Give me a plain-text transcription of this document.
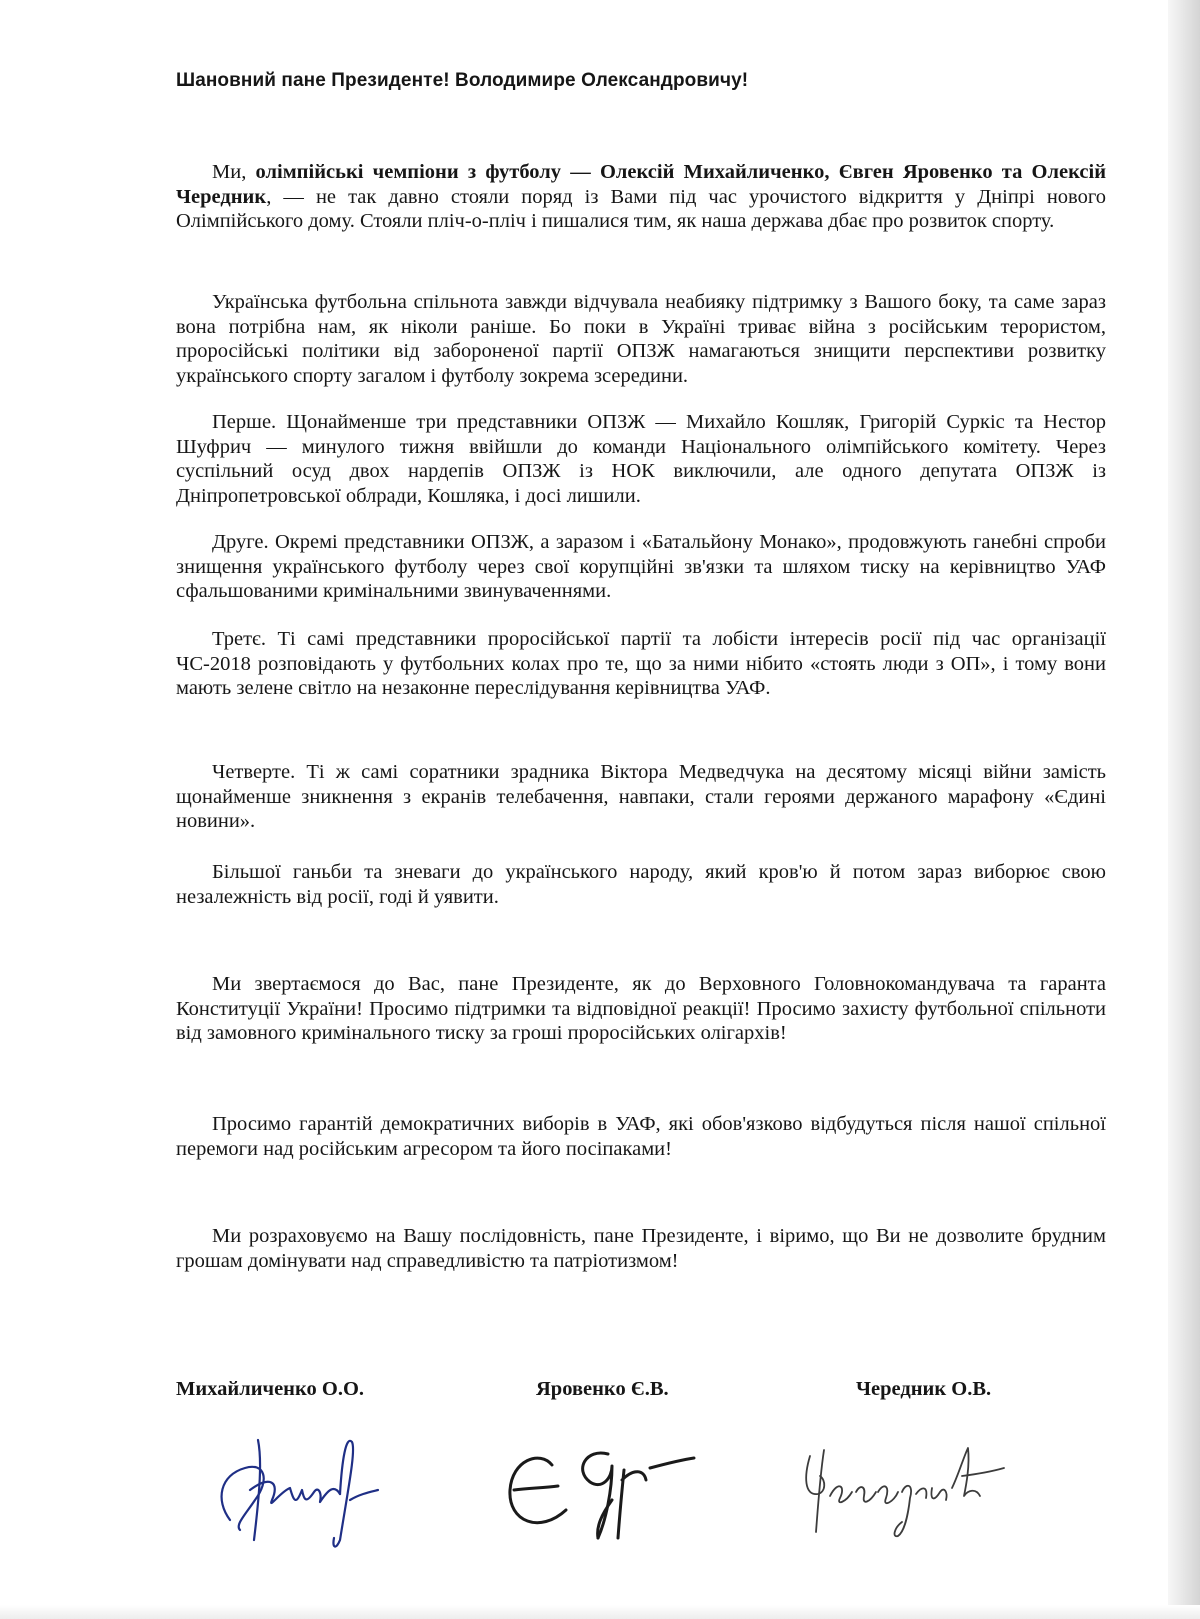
Шановний пане Президенте! Володимире Олександровичу!

Ми, олімпійські чемпіони з футболу — Олексій Михайличенко, Євген Яровенко та Олексій Чередник, — не так давно стояли поряд із Вами під час урочистого відкриття у Дніпрі нового Олімпійського дому. Стояли пліч-о-пліч і пишалися тим, як наша держава дбає про розвиток спорту.

Українська футбольна спільнота завжди відчувала неабияку підтримку з Вашого боку, та саме зараз вона потрібна нам, як ніколи раніше. Бо поки в Україні триває війна з російським терористом, проросійські політики від забороненої партії ОПЗЖ намагаються знищити перспективи розвитку українського спорту загалом і футболу зокрема зсередини.

Перше. Щонайменше три представники ОПЗЖ — Михайло Кошляк, Григорій Суркіс та Нестор Шуфрич — минулого тижня ввійшли до команди Національного олімпійського комітету. Через суспільний осуд двох нардепів ОПЗЖ із НОК виключили, але одного депутата ОПЗЖ із Дніпропетровської облради, Кошляка, і досі лишили.

Друге. Окремі представники ОПЗЖ, а заразом і «Батальйону Монако», продовжують ганебні спроби знищення українського футболу через свої корупційні зв'язки та шляхом тиску на керівництво УАФ сфальшованими кримінальними звинуваченнями.

Третє. Ті самі представники проросійської партії та лобісти інтересів росії під час організації ЧС-2018 розповідають у футбольних колах про те, що за ними нібито «стоять люди з ОП», і тому вони мають зелене світло на незаконне переслідування керівництва УАФ.

Четверте. Ті ж самі соратники зрадника Віктора Медведчука на десятому місяці війни замість щонайменше зникнення з екранів телебачення, навпаки, стали героями держаного марафону «Єдині новини».

Більшої ганьби та зневаги до українського народу, який кров'ю й потом зараз виборює свою незалежність від росії, годі й уявити.

Ми звертаємося до Вас, пане Президенте, як до Верховного Головнокомандувача та гаранта Конституції України! Просимо підтримки та відповідної реакції! Просимо захисту футбольної спільноти від замовного кримінального тиску за гроші проросійських олігархів!

Просимо гарантій демократичних виборів в УАФ, які обов'язково відбудуться після нашої спільної перемоги над російським агресором та його посіпаками!

Ми розраховуємо на Вашу послідовність, пане Президенте, і віримо, що Ви не дозволите брудним грошам домінувати над справедливістю та патріотизмом!

Михайличенко О.О.	Яровенко Є.В.	Чередник О.В.
